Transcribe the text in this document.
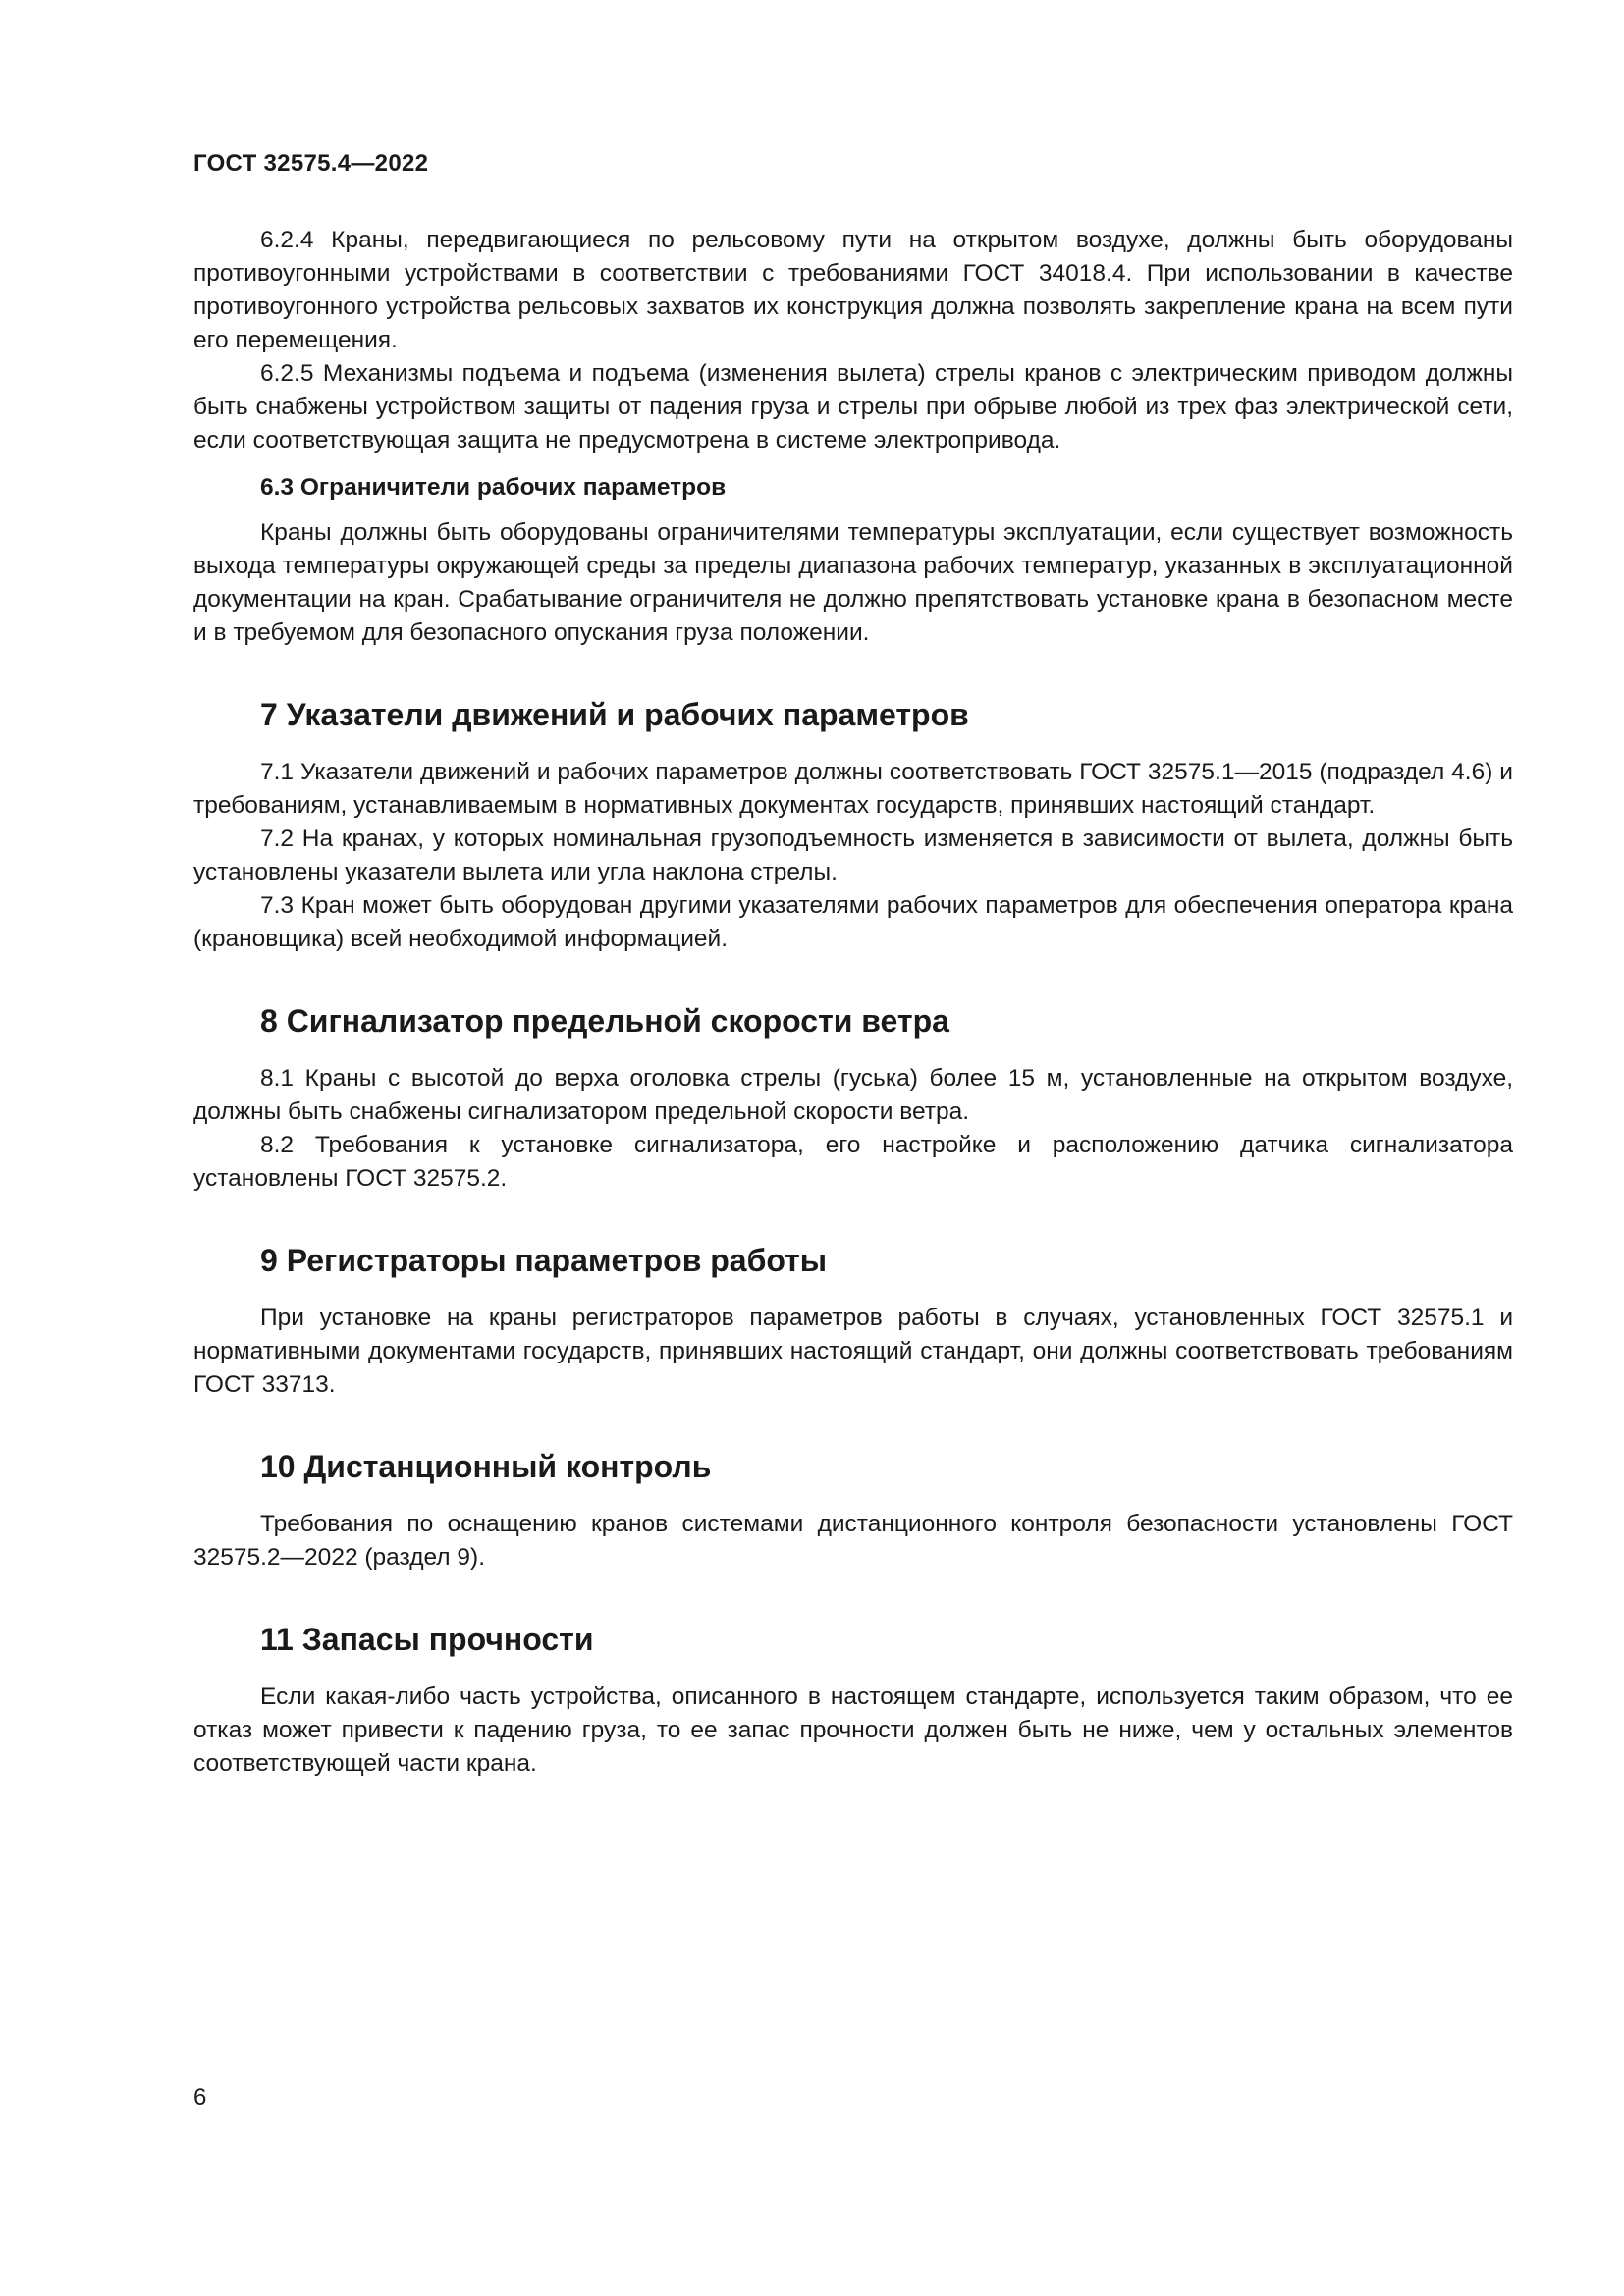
ГОСТ 32575.4—2022

6.2.4 Краны, передвигающиеся по рельсовому пути на открытом воздухе, должны быть оборудованы противоугонными устройствами в соответствии с требованиями ГОСТ 34018.4. При использовании в качестве противоугонного устройства рельсовых захватов их конструкция должна позволять закрепление крана на всем пути его перемещения.

6.2.5 Механизмы подъема и подъема (изменения вылета) стрелы кранов с электрическим приводом должны быть снабжены устройством защиты от падения груза и стрелы при обрыве любой из трех фаз электрической сети, если соответствующая защита не предусмотрена в системе электропривода.

6.3 Ограничители рабочих параметров

Краны должны быть оборудованы ограничителями температуры эксплуатации, если существует возможность выхода температуры окружающей среды за пределы диапазона рабочих температур, указанных в эксплуатационной документации на кран. Срабатывание ограничителя не должно препятствовать установке крана в безопасном месте и в требуемом для безопасного опускания груза положении.

7 Указатели движений и рабочих параметров

7.1 Указатели движений и рабочих параметров должны соответствовать ГОСТ 32575.1—2015 (подраздел 4.6) и требованиям, устанавливаемым в нормативных документах государств, принявших настоящий стандарт.

7.2 На кранах, у которых номинальная грузоподъемность изменяется в зависимости от вылета, должны быть установлены указатели вылета или угла наклона стрелы.

7.3 Кран может быть оборудован другими указателями рабочих параметров для обеспечения оператора крана (крановщика) всей необходимой информацией.

8 Сигнализатор предельной скорости ветра

8.1 Краны с высотой до верха оголовка стрелы (гуська) более 15 м, установленные на открытом воздухе, должны быть снабжены сигнализатором предельной скорости ветра.

8.2 Требования к установке сигнализатора, его настройке и расположению датчика сигнализатора установлены ГОСТ 32575.2.

9 Регистраторы параметров работы

При установке на краны регистраторов параметров работы в случаях, установленных ГОСТ 32575.1 и нормативными документами государств, принявших настоящий стандарт, они должны соответствовать требованиям ГОСТ 33713.

10 Дистанционный контроль

Требования по оснащению кранов системами дистанционного контроля безопасности установлены ГОСТ 32575.2—2022 (раздел 9).

11 Запасы прочности

Если какая-либо часть устройства, описанного в настоящем стандарте, используется таким образом, что ее отказ может привести к падению груза, то ее запас прочности должен быть не ниже, чем у остальных элементов соответствующей части крана.

6
